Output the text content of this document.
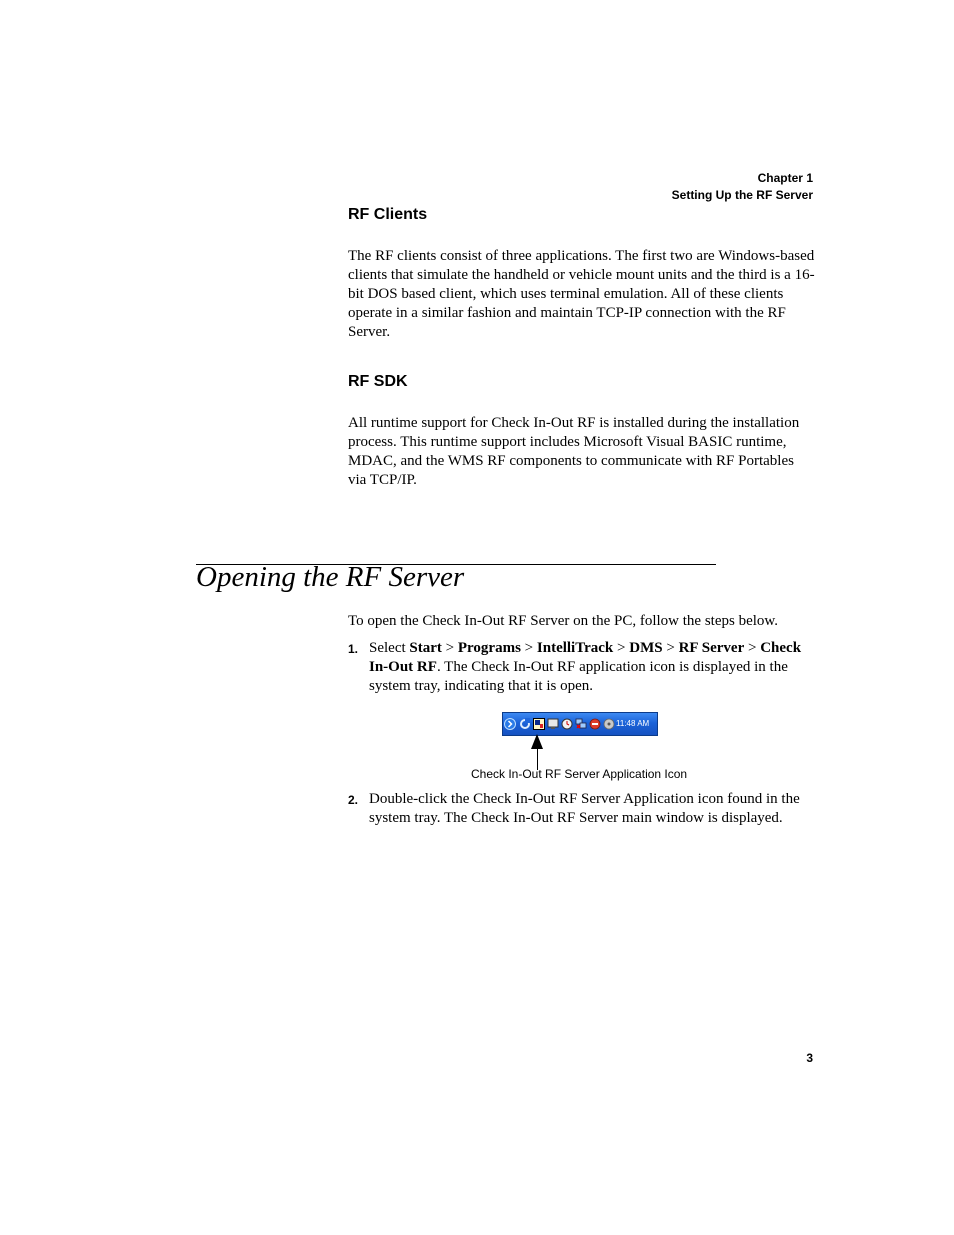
Chapter 1
Setting Up the RF Server
RF Clients

The RF clients consist of three applications. The first two are Windows-based clients that simulate the handheld or vehicle mount units and the third is a 16-bit DOS based client, which uses terminal emulation. All of these clients operate in a similar fashion and maintain TCP-IP connection with the RF Server.

RF SDK

All runtime support for Check In-Out RF is installed during the installation process. This runtime support includes Microsoft Visual BASIC runtime, MDAC, and the WMS RF components to communicate with RF Portables via TCP/IP.

Opening the RF Server

To open the Check In-Out RF Server on the PC, follow the steps below.

1. Select Start > Programs > IntelliTrack > DMS > RF Server > Check In-Out RF. The Check In-Out RF application icon is displayed in the system tray, indicating that it is open.
11:48 AM
Check In-Out RF Server Application Icon
2. Double-click the Check In-Out RF Server Application icon found in the system tray. The Check In-Out RF Server main window is displayed.
3
